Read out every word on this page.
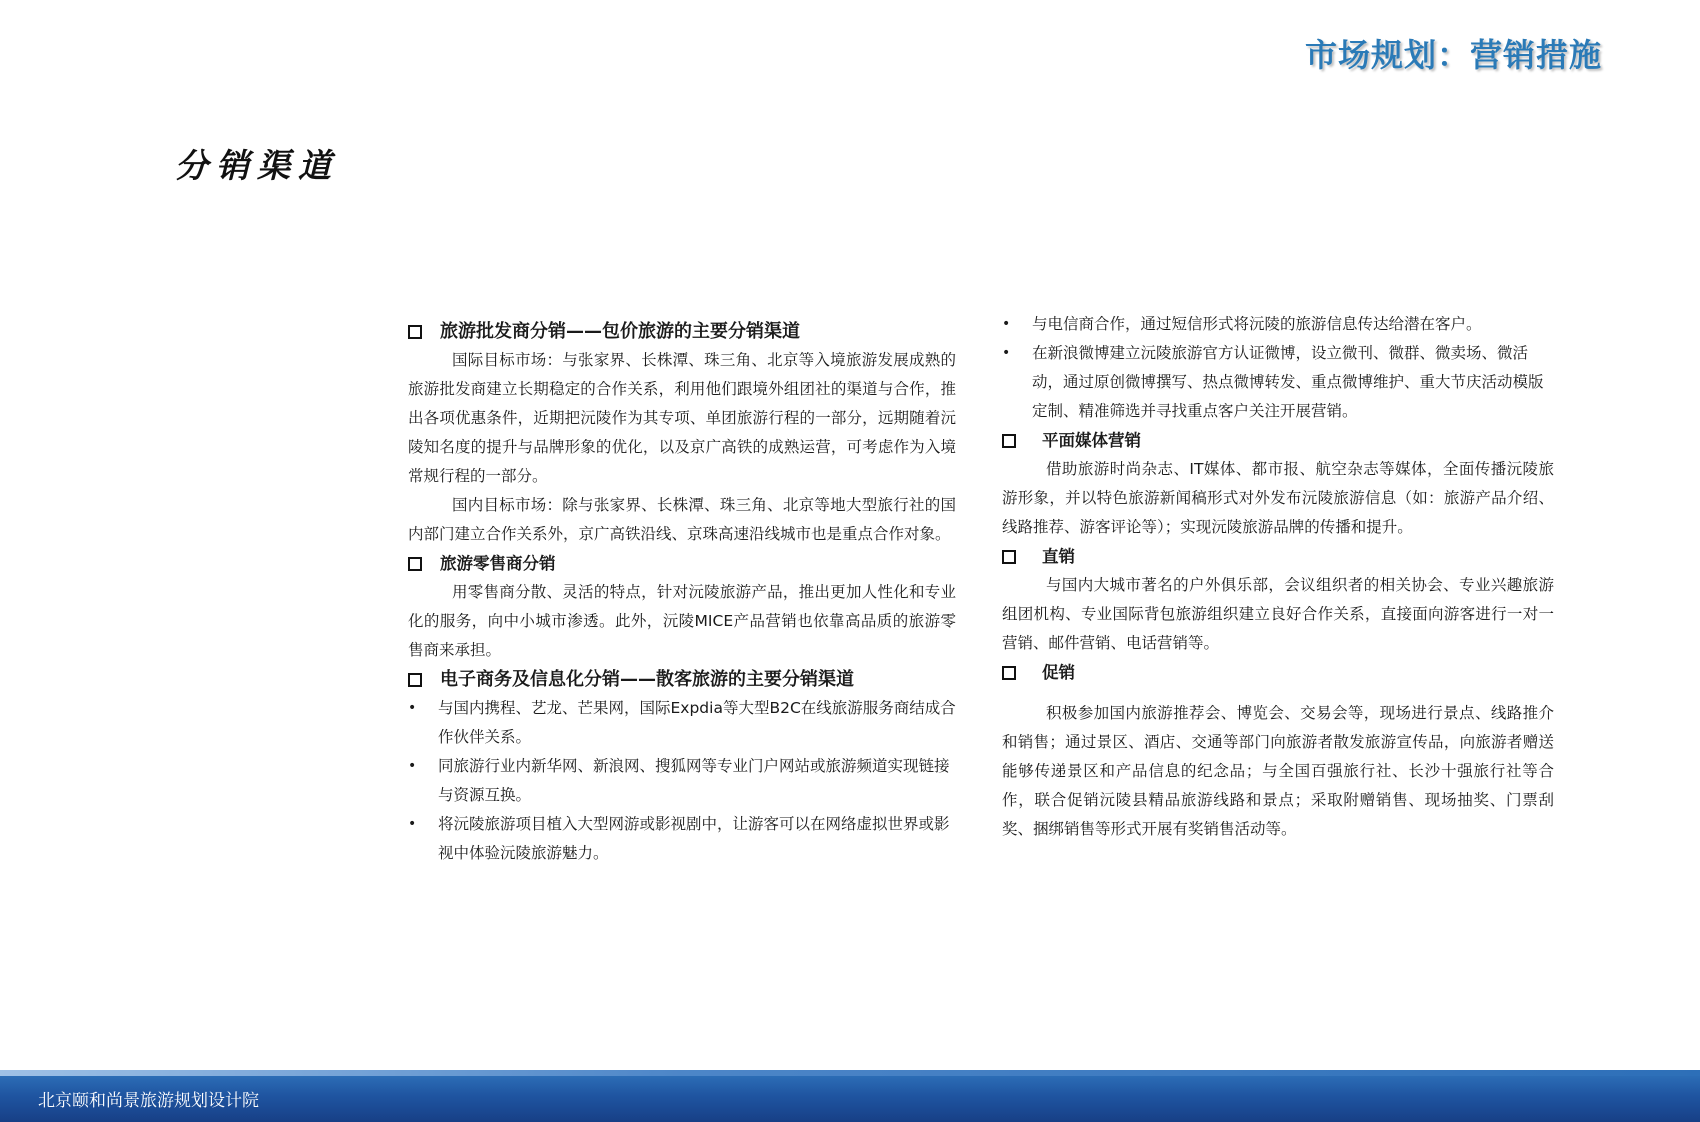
市场规划：营销措施
分销渠道

旅游批发商分销——包价旅游的主要分销渠道

国际目标市场：与张家界、长株潭、珠三角、北京等入境旅游发展成熟的旅游批发商建立长期稳定的合作关系，利用他们跟境外组团社的渠道与合作，推出各项优惠条件，近期把沅陵作为其专项、单团旅游行程的一部分，远期随着沅陵知名度的提升与品牌形象的优化，以及京广高铁的成熟运营，可考虑作为入境常规行程的一部分。

国内目标市场：除与张家界、长株潭、珠三角、北京等地大型旅行社的国内部门建立合作关系外，京广高铁沿线、京珠高速沿线城市也是重点合作对象。

旅游零售商分销

用零售商分散、灵活的特点，针对沅陵旅游产品，推出更加人性化和专业化的服务，向中小城市渗透。此外，沅陵MICE产品营销也依靠高品质的旅游零售商来承担。

电子商务及信息化分销——散客旅游的主要分销渠道

•	与国内携程、艺龙、芒果网，国际Expdia等大型B2C在线旅游服务商结成合作伙伴关系。

•	同旅游行业内新华网、新浪网、搜狐网等专业门户网站或旅游频道实现链接与资源互换。

•	将沅陵旅游项目植入大型网游或影视剧中，让游客可以在网络虚拟世界或影视中体验沅陵旅游魅力。

•	与电信商合作，通过短信形式将沅陵的旅游信息传达给潜在客户。

•	在新浪微博建立沅陵旅游官方认证微博，设立微刊、微群、微卖场、微活动，通过原创微博撰写、热点微博转发、重点微博维护、重大节庆活动模版定制、精准筛选并寻找重点客户关注开展营销。

平面媒体营销

借助旅游时尚杂志、IT媒体、都市报、航空杂志等媒体，全面传播沅陵旅游形象，并以特色旅游新闻稿形式对外发布沅陵旅游信息（如：旅游产品介绍、线路推荐、游客评论等）；实现沅陵旅游品牌的传播和提升。

直销

与国内大城市著名的户外俱乐部，会议组织者的相关协会、专业兴趣旅游组团机构、专业国际背包旅游组织建立良好合作关系，直接面向游客进行一对一营销、邮件营销、电话营销等。

促销

积极参加国内旅游推荐会、博览会、交易会等，现场进行景点、线路推介和销售；通过景区、酒店、交通等部门向旅游者散发旅游宣传品，向旅游者赠送能够传递景区和产品信息的纪念品；与全国百强旅行社、长沙十强旅行社等合作，联合促销沅陵县精品旅游线路和景点；采取附赠销售、现场抽奖、门票刮奖、捆绑销售等形式开展有奖销售活动等。

北京颐和尚景旅游规划设计院
